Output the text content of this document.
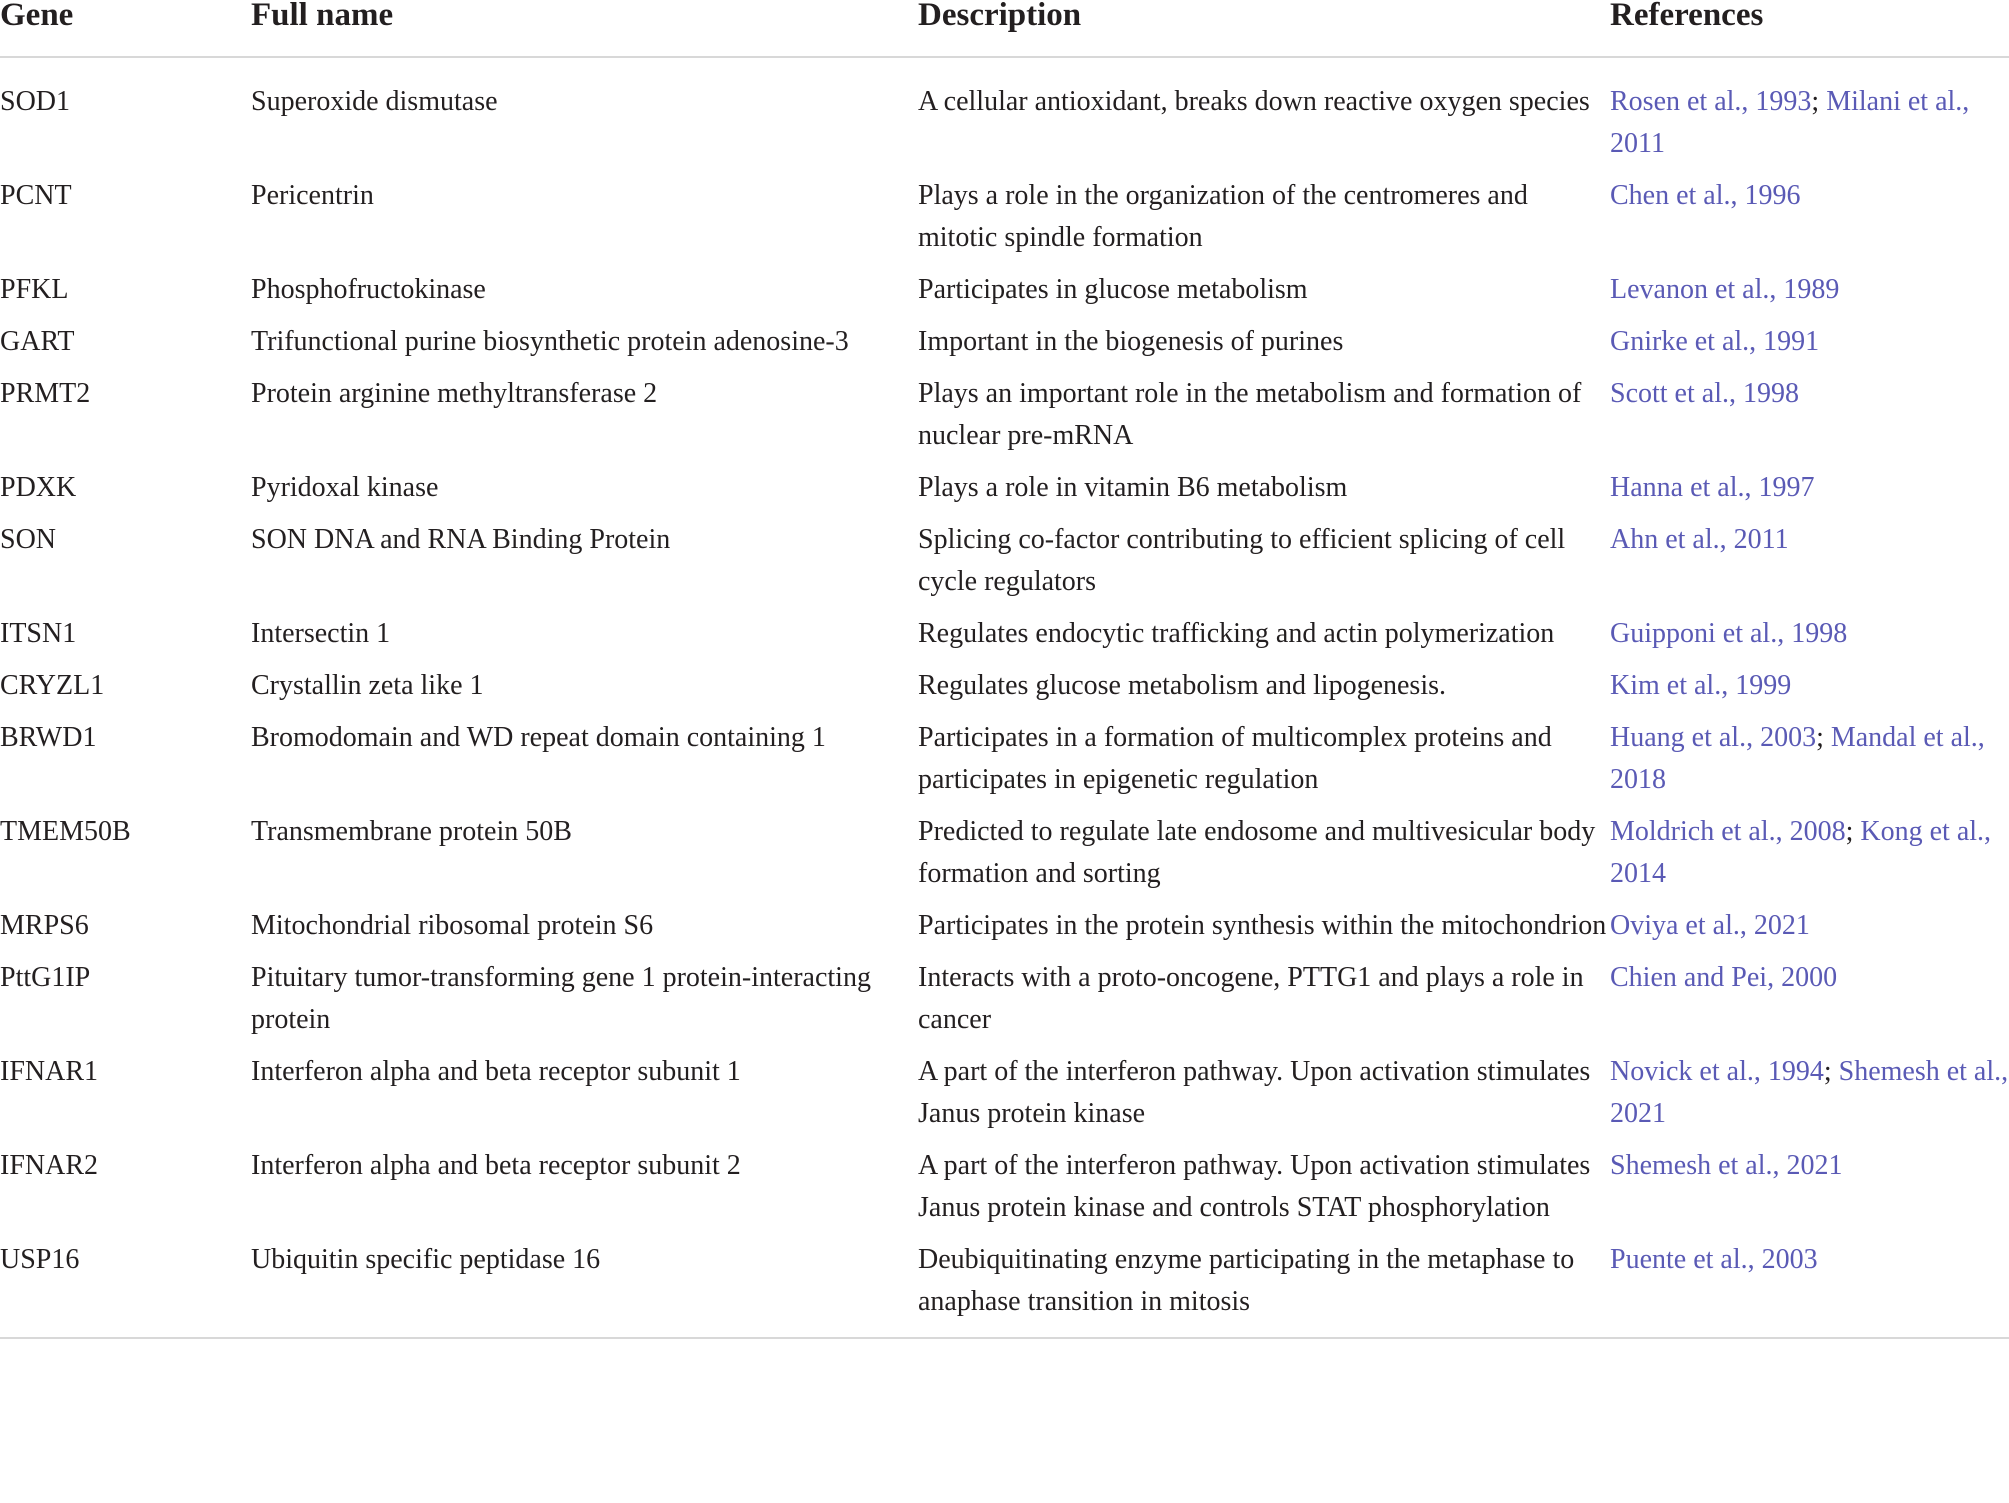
Gene	Full name	Description	References

SOD1	Superoxide dismutase	A cellular antioxidant, breaks down reactive oxygen species	Rosen et al., 1993; Milani et al., 2011

PCNT	Pericentrin	Plays a role in the organization of the centromeres and mitotic spindle formation	Chen et al., 1996

PFKL	Phosphofructokinase	Participates in glucose metabolism	Levanon et al., 1989

GART	Trifunctional purine biosynthetic protein adenosine-3	Important in the biogenesis of purines	Gnirke et al., 1991

PRMT2	Protein arginine methyltransferase 2	Plays an important role in the metabolism and formation of nuclear pre-mRNA	Scott et al., 1998

PDXK	Pyridoxal kinase	Plays a role in vitamin B6 metabolism	Hanna et al., 1997

SON	SON DNA and RNA Binding Protein	Splicing co-factor contributing to efficient splicing of cell cycle regulators	Ahn et al., 2011

ITSN1	Intersectin 1	Regulates endocytic trafficking and actin polymerization	Guipponi et al., 1998

CRYZL1	Crystallin zeta like 1	Regulates glucose metabolism and lipogenesis.	Kim et al., 1999

BRWD1	Bromodomain and WD repeat domain containing 1	Participates in a formation of multicomplex proteins and participates in epigenetic regulation	Huang et al., 2003; Mandal et al., 2018

TMEM50B	Transmembrane protein 50B	Predicted to regulate late endosome and multivesicular body formation and sorting	Moldrich et al., 2008; Kong et al., 2014

MRPS6	Mitochondrial ribosomal protein S6	Participates in the protein synthesis within the mitochondrion	Oviya et al., 2021

PttG1IP	Pituitary tumor-transforming gene 1 protein-interacting protein	Interacts with a proto-oncogene, PTTG1 and plays a role in cancer	Chien and Pei, 2000

IFNAR1	Interferon alpha and beta receptor subunit 1	A part of the interferon pathway. Upon activation stimulates Janus protein kinase	Novick et al., 1994; Shemesh et al., 2021

IFNAR2	Interferon alpha and beta receptor subunit 2	A part of the interferon pathway. Upon activation stimulates Janus protein kinase and controls STAT phosphorylation	Shemesh et al., 2021

USP16	Ubiquitin specific peptidase 16	Deubiquitinating enzyme participating in the metaphase to anaphase transition in mitosis	Puente et al., 2003
